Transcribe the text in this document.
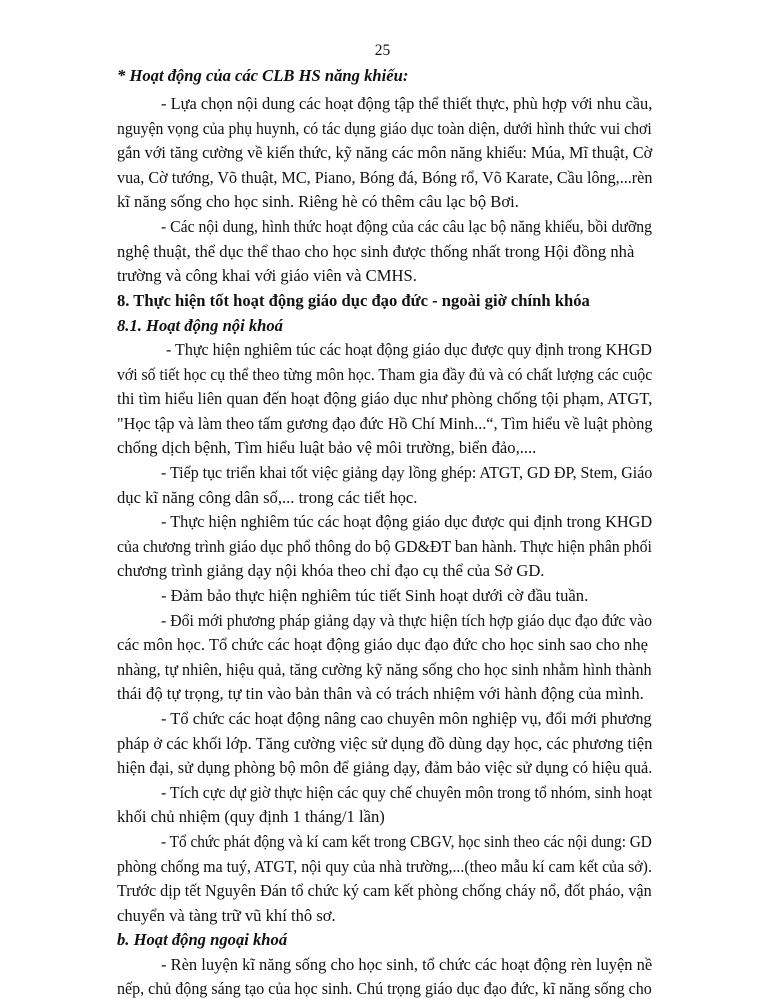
25
* Hoạt động của các CLB HS năng khiếu:
- Lựa chọn nội dung các hoạt động tập thể thiết thực, phù hợp với nhu cầu,
nguyện vọng của phụ huynh, có tác dụng giáo dục toàn diện, dưới hình thức vui chơi
gắn với tăng cường về kiến thức, kỹ năng các môn năng khiếu: Múa, Mĩ thuật, Cờ
vua, Cờ tướng, Võ thuật, MC, Piano, Bóng đá, Bóng rổ, Võ Karate, Cầu lông,...rèn
kĩ năng sống cho học sinh. Riêng hè có thêm câu lạc bộ Bơi.
- Các nội dung, hình thức hoạt động của các câu lạc bộ năng khiếu, bồi dưỡng
nghệ thuật, thể dục thể thao cho học sinh được thống nhất trong Hội đồng nhà
trường và công khai với giáo viên và CMHS.
8. Thực hiện tốt hoạt động giáo dục đạo đức - ngoài giờ chính khóa
8.1. Hoạt động nội khoá
- Thực hiện nghiêm túc các hoạt động giáo dục được quy định trong KHGD
với số tiết học cụ thể theo từng môn học. Tham gia đầy đủ và có chất lượng các cuộc
thi tìm hiểu liên quan đến hoạt động giáo dục như phòng chống tội phạm, ATGT,
"Học tập và làm theo tấm gương đạo đức Hồ Chí Minh...“, Tìm hiểu về luật phòng
chống dịch bệnh, Tìm hiểu luật bảo vệ môi trường, biển đảo,....
- Tiếp tục triển khai tốt việc giảng dạy lồng ghép: ATGT, GD ĐP, Stem, Giáo
dục kĩ năng công dân số,... trong các tiết học.
- Thực hiện nghiêm túc các hoạt động giáo dục được qui định trong KHGD
của chương trình giáo dục phổ thông do bộ GD&ĐT ban hành. Thực hiện phân phối
chương trình giảng dạy nội khóa theo chỉ đạo cụ thể của Sở GD.
- Đảm bảo thực hiện nghiêm túc tiết Sinh hoạt dưới cờ đầu tuần.
- Đổi mới phương pháp giảng dạy và thực hiện tích hợp giáo dục đạo đức vào
các môn học. Tổ chức các hoạt động giáo dục đạo đức cho học sinh sao cho nhẹ
nhàng, tự nhiên, hiệu quả, tăng cường kỹ năng sống cho học sinh nhằm hình thành
thái độ tự trọng, tự tin vào bản thân và có trách nhiệm với hành động của mình.
- Tổ chức các hoạt động nâng cao chuyên môn nghiệp vụ, đổi mới phương
pháp ở các khối lớp. Tăng cường việc sử dụng đồ dùng dạy học, các phương tiện
hiện đại, sử dụng phòng bộ môn để giảng dạy, đảm bảo việc sử dụng có hiệu quả.
- Tích cực dự giờ thực hiện các quy chế chuyên môn trong tổ nhóm, sinh hoạt
khối chủ nhiệm (quy định 1 tháng/1 lần)
- Tổ chức phát động và kí cam kết trong CBGV, học sinh theo các nội dung: GD
phòng chống ma tuý, ATGT, nội quy của nhà trường,...(theo mẫu kí cam kết của sở).
Trước dịp tết Nguyên Đán tổ chức ký cam kết phòng chống cháy nổ, đốt pháo, vận
chuyển và tàng trữ vũ khí thô sơ.
b. Hoạt động ngoại khoá
- Rèn luyện kĩ năng sống cho học sinh, tổ chức các hoạt động rèn luyện nề
nếp, chủ động sáng tạo của học sinh. Chú trọng giáo dục đạo đức, kĩ năng sống cho
